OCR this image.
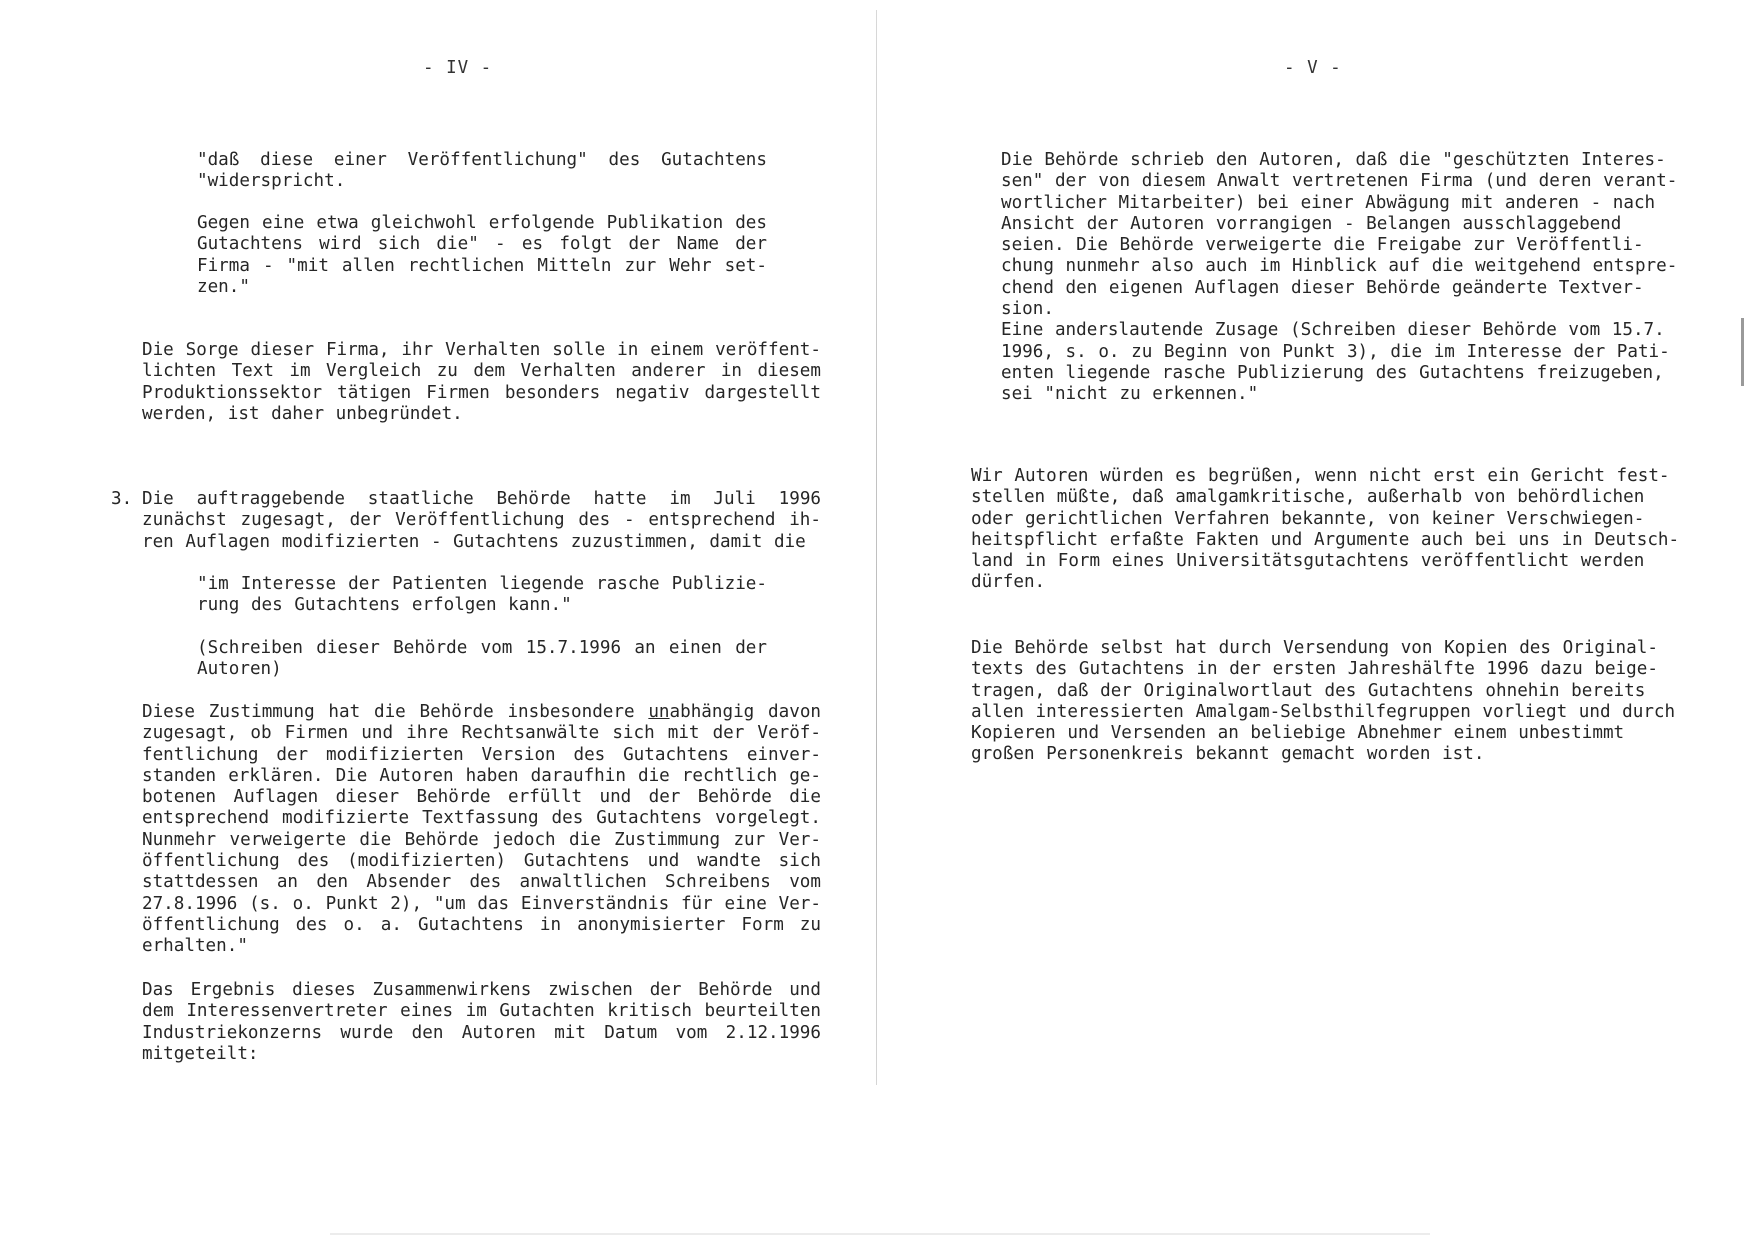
- IV -
"daß diese einer Veröffentlichung" des Gutachtens
"widerspricht.
Gegen eine etwa gleichwohl erfolgende Publikation des
Gutachtens wird sich die" - es folgt der Name der
Firma - "mit allen rechtlichen Mitteln zur Wehr set-
zen."
Die Sorge dieser Firma, ihr Verhalten solle in einem veröffent-
lichten Text im Vergleich zu dem Verhalten anderer in diesem
Produktionssektor tätigen Firmen besonders negativ dargestellt
werden, ist daher unbegründet.
3. Die auftraggebende staatliche Behörde hatte im Juli 1996
zunächst zugesagt, der Veröffentlichung des - entsprechend ih-
ren Auflagen modifizierten - Gutachtens zuzustimmen, damit die
"im Interesse der Patienten liegende rasche Publizie-
rung des Gutachtens erfolgen kann."
(Schreiben dieser Behörde vom 15.7.1996 an einen der
Autoren)
Diese Zustimmung hat die Behörde insbesondere unabhängig davon
zugesagt, ob Firmen und ihre Rechtsanwälte sich mit der Veröf-
fentlichung der modifizierten Version des Gutachtens einver-
standen erklären. Die Autoren haben daraufhin die rechtlich ge-
botenen Auflagen dieser Behörde erfüllt und der Behörde die
entsprechend modifizierte Textfassung des Gutachtens vorgelegt.
Nunmehr verweigerte die Behörde jedoch die Zustimmung zur Ver-
öffentlichung des (modifizierten) Gutachtens und wandte sich
stattdessen an den Absender des anwaltlichen Schreibens vom
27.8.1996 (s. o. Punkt 2), "um das Einverständnis für eine Ver-
öffentlichung des o. a. Gutachtens in anonymisierter Form zu
erhalten."
Das Ergebnis dieses Zusammenwirkens zwischen der Behörde und
dem Interessenvertreter eines im Gutachten kritisch beurteilten
Industriekonzerns wurde den Autoren mit Datum vom 2.12.1996
mitgeteilt:
- V -
Die Behörde schrieb den Autoren, daß die "geschützten Interes-
sen" der von diesem Anwalt vertretenen Firma (und deren verant-
wortlicher Mitarbeiter) bei einer Abwägung mit anderen - nach
Ansicht der Autoren vorrangigen - Belangen ausschlaggebend
seien. Die Behörde verweigerte die Freigabe zur Veröffentli-
chung nunmehr also auch im Hinblick auf die weitgehend entspre-
chend den eigenen Auflagen dieser Behörde geänderte Textver-
sion.
Eine anderslautende Zusage (Schreiben dieser Behörde vom 15.7.
1996, s. o. zu Beginn von Punkt 3), die im Interesse der Pati-
enten liegende rasche Publizierung des Gutachtens freizugeben,
sei "nicht zu erkennen."
Wir Autoren würden es begrüßen, wenn nicht erst ein Gericht fest-
stellen müßte, daß amalgamkritische, außerhalb von behördlichen
oder gerichtlichen Verfahren bekannte, von keiner Verschwiegen-
heitspflicht erfaßte Fakten und Argumente auch bei uns in Deutsch-
land in Form eines Universitätsgutachtens veröffentlicht werden
dürfen.
Die Behörde selbst hat durch Versendung von Kopien des Original-
texts des Gutachtens in der ersten Jahreshälfte 1996 dazu beige-
tragen, daß der Originalwortlaut des Gutachtens ohnehin bereits
allen interessierten Amalgam-Selbsthilfegruppen vorliegt und durch
Kopieren und Versenden an beliebige Abnehmer einem unbestimmt
großen Personenkreis bekannt gemacht worden ist.
